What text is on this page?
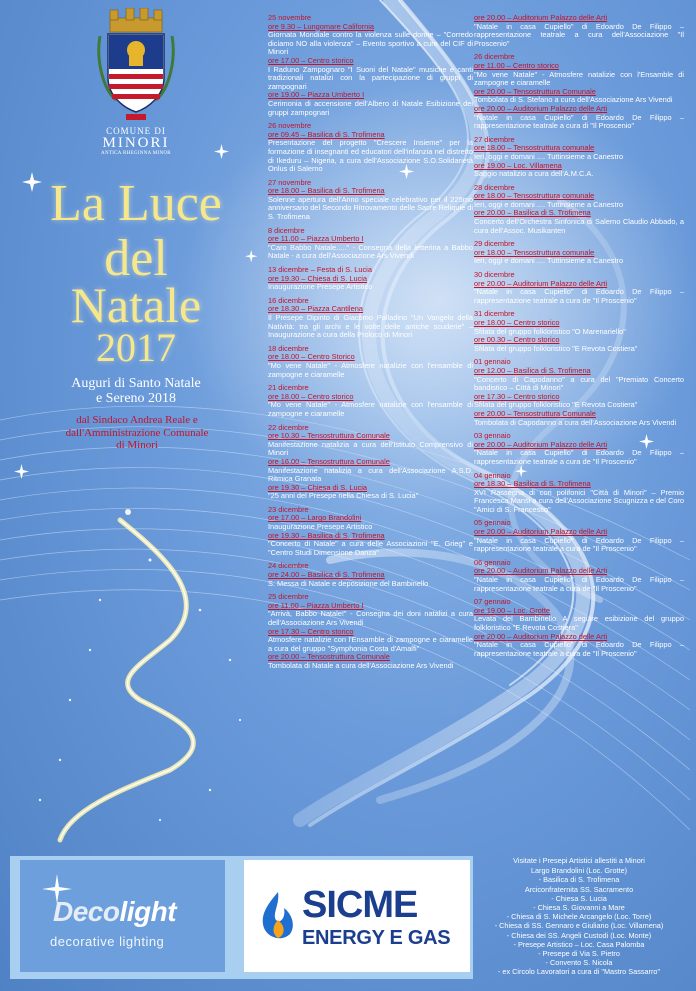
COMUNE DI
MINORI
ANTICA RHEGINNA MINOR
La Luce
del
Natale
2017
Auguri di Santo Natale
e Sereno 2018
dal Sindaco Andrea Reale e
dall'Amministrazione Comunale
di Minori
25 novembre
ore 9.30 – Lungomare California
Giornata Mondiale contro la violenza sulle donne – "Corredo diciamo NO alla violenza" – Evento sportivo a cura del CIF di Minori
ore 17.00 – Centro storico
I Raduno Zampognaro "I Suoni del Natale" musiche e canti tradizionali natalizi con la partecipazione di gruppi di zampognari
ore 19.00 – Piazza Umberto I
Cerimonia di accensione dell'Albero di Natale Esibizione dei gruppi zampognari
26 novembre
ore 09.45 – Basilica di S. Trofimena
Presentazione del progetto "Crescere Insieme" per la formazione di insegnanti ed educatori dell'infanzia nel distretto di Ikeduru – Nigeria, a cura dell'Associazione S.O.Solidarietà Onlus di Salerno
27 novembre
ore 18.00 – Basilica di S. Trofimena
Solenne apertura dell'Anno speciale celebrativo per il 225mo anniversario del Secondo Ritrovamento delle Sacre Reliquie di S. Trofimena
8 dicembre
ore 11.00 – Piazza Umberto I
"Caro Babbo Natale....." - Consegna della letterina a Babbo Natale - a cura dell'Associazione Ars Vivendi
13 dicembre – Festa di S. Lucia
ore 19.30 – Chiesa di S. Lucia
Inaugurazione Presepe Artistico
16 dicembre
ore 18.30 – Piazza Cantilena
Il Presepe Dipinto di Giacomo Palladino "Un Vangelo della Natività: tra gli archi e le volte delle antiche scuderie" – Inaugurazione a cura della Proloco di Minori
18 dicembre
ore 18.00 – Centro Storico
"Mo vene Natale" - Atmosfere natalizie con l'ensamble di zampogne e ciaramelle
21 dicembre
ore 18.00 – Centro storico
"Mo vene Natale" - Atmosfere natalizie con l'ensamble di zampogne e ciaramelle
22 dicembre
ore 10.30 – Tensostruttura Comunale
Manifestazione natalizia a cura dell'Istituto Comprensivo di Minori
ore 16.00 – Tensostruttura Comunale
Manifestazione natalizia a cura dell'Associazione A.S.D. Ritmica Granata
ore 19.30 – Chiesa di S. Lucia
"25 anni del Presepe nella Chiesa di S. Lucia"
23 dicembre
ore 17.00 – Largo Brandolini
Inaugurazione Presepe Artistico
ore 19.30 – Basilica di S. Trofimena
"Concerto di Natale" a cura delle Associazioni "E. Grieg" e "Centro Studi Dimensione Danza"
24 dicembre
ore 24.00 – Basilica di S. Trofimena
S. Messa di Natale e deposizione del Bambinello
25 dicembre
ore 11.00 – Piazza Umberto I
"Arrivà, Babbo Natale!" - Consegna dei doni natalizi a cura dell'Associazione Ars Vivendi
ore 17.30 – Centro storico
Atmosfere natalizie con l'Ensamble di zampogne e ciaramelle a cura del gruppo "Symphonia Costa d'Amalfi"
ore 20.00 – Tensostruttura Comunale
Tombolata di Natale a cura dell'Associazione Ars Vivendi
ore 20.00 – Auditorium Palazzo delle Arti
"Natale in casa Cupiello" di Edoardo De Filippo – rappresentazione teatrale a cura dell'Associazione "Il Proscenio"
26 dicembre
ore 11.00 – Centro storico
"Mo vene Natale" - Atmosfere natalizie con l'Ensamble di zampogne e ciaramelle
ore 20.00 – Tensostruttura Comunale
Tombolata di S. Stefano a cura dell'Associazione Ars Vivendi
ore 20.00 – Auditorium Palazzo delle Arti
"Natale in casa Cupiello" di Edoardo De Filippo – rappresentazione teatrale a cura di "Il Proscenio"
27 dicembre
ore 18.00 – Tensostruttura comunale
Ieri, oggi e domani .... Tuttinsieme a Canestro
ore 19.00 – Loc. Villamena
Saggio natalizio a cura dell'A.M.C.A.
28 dicembre
ore 18.00 – Tensostruttura comunale
Ieri, oggi e domani .... Tuttinsieme a Canestro
ore 20.00 – Basilica di S. Trofimena
Concerto dell'Orchestra Sinfonica di Salerno Claudio Abbado, a cura dell'Assoc. Musikanten
29 dicembre
ore 18.00 – Tensostruttura comunale
Ieri, oggi e domani .... Tuttinsieme a Canestro
30 dicembre
ore 20.00 – Auditorium Palazzo delle Arti
"Natale in casa Cupiello" di Edoardo De Filippo – rappresentazione teatrale a cura de "Il Proscenio"
31 dicembre
ore 18.00 – Centro storico
Sfilata del gruppo folkloristico "O Marenariello"
ore 00.30 – Centro storico
Sfilata del gruppo folkloristico "E Revota Costiera"
01 gennaio
ore 12.00 – Basilica di S. Trofimena
"Concerto di Capodanno" a cura del "Premiato Concerto bandistico – Città di Minori"
ore 17.30 – Centro storico
Sfilata del gruppo folkloristico "E Revota Costiera"
ore 20.00 – Tensostruttura Comunale
Tombolata di Capodanno a cura dell'Associazione Ars Vivendi
03 gennaio
ore 20.00 – Auditorium Palazzo delle Arti
"Natale in casa Cupiello" di Edoardo De Filippo – rappresentazione teatrale a cura de "Il Proscenio"
04 gennaio
ore 18.30 – Basilica di S. Trofimena
XVI Rassegna di cori polifonici "Città di Minori" – Premio Francesca Mansi a cura dell'Associazione Scugnizza e del Coro "Amici di S. Francesco"
05 gennaio
ore 20.00 – Auditorium Palazzo delle Arti
"Natale in casa Cupiello" di Edoardo De Filippo – rappresentazione teatrale a cura de "Il Proscenio"
06 gennaio
ore 20.00 – Auditorium Palazzo delle Arti
"Natale in casa Cupiello" di Edoardo De Filippo – rappresentazione teatrale a cura de "Il Proscenio"
07 gennaio
ore 19.00 – Loc. Grotte
Levata del Bambinello A seguire esibizione del gruppo folkloristico "E Revota Costiera"
ore 20.00 – Auditorium Palazzo delle Arti
"Natale in casa Cupiello" di Edoardo De Filippo – rappresentazione teatrale a cura de "Il Proscenio"
Decolight
decorative lighting
SICME
ENERGY E GAS
Visitate i Presepi Artistici allestiti a Minori
Largo Brandolini (Loc. Grotte)
- Basilica di S. Trofimena
Arciconfraternita SS. Sacramento
- Chiesa S. Lucia
- Chiesa S. Giovanni a Mare
- Chiesa di S. Michele Arcangelo (Loc. Torre)
- Chiesa di SS. Gennaro e Giuliano (Loc. Villamena)
- Chiesa dei SS. Angeli Custodi (Loc. Monte)
- Presepe Artistico – Loc. Casa Palomba
- Presepe di Via S. Pietro
- Convento S. Nicola
- ex Circolo Lavoratori a cura di "Mastro Sassarro"
